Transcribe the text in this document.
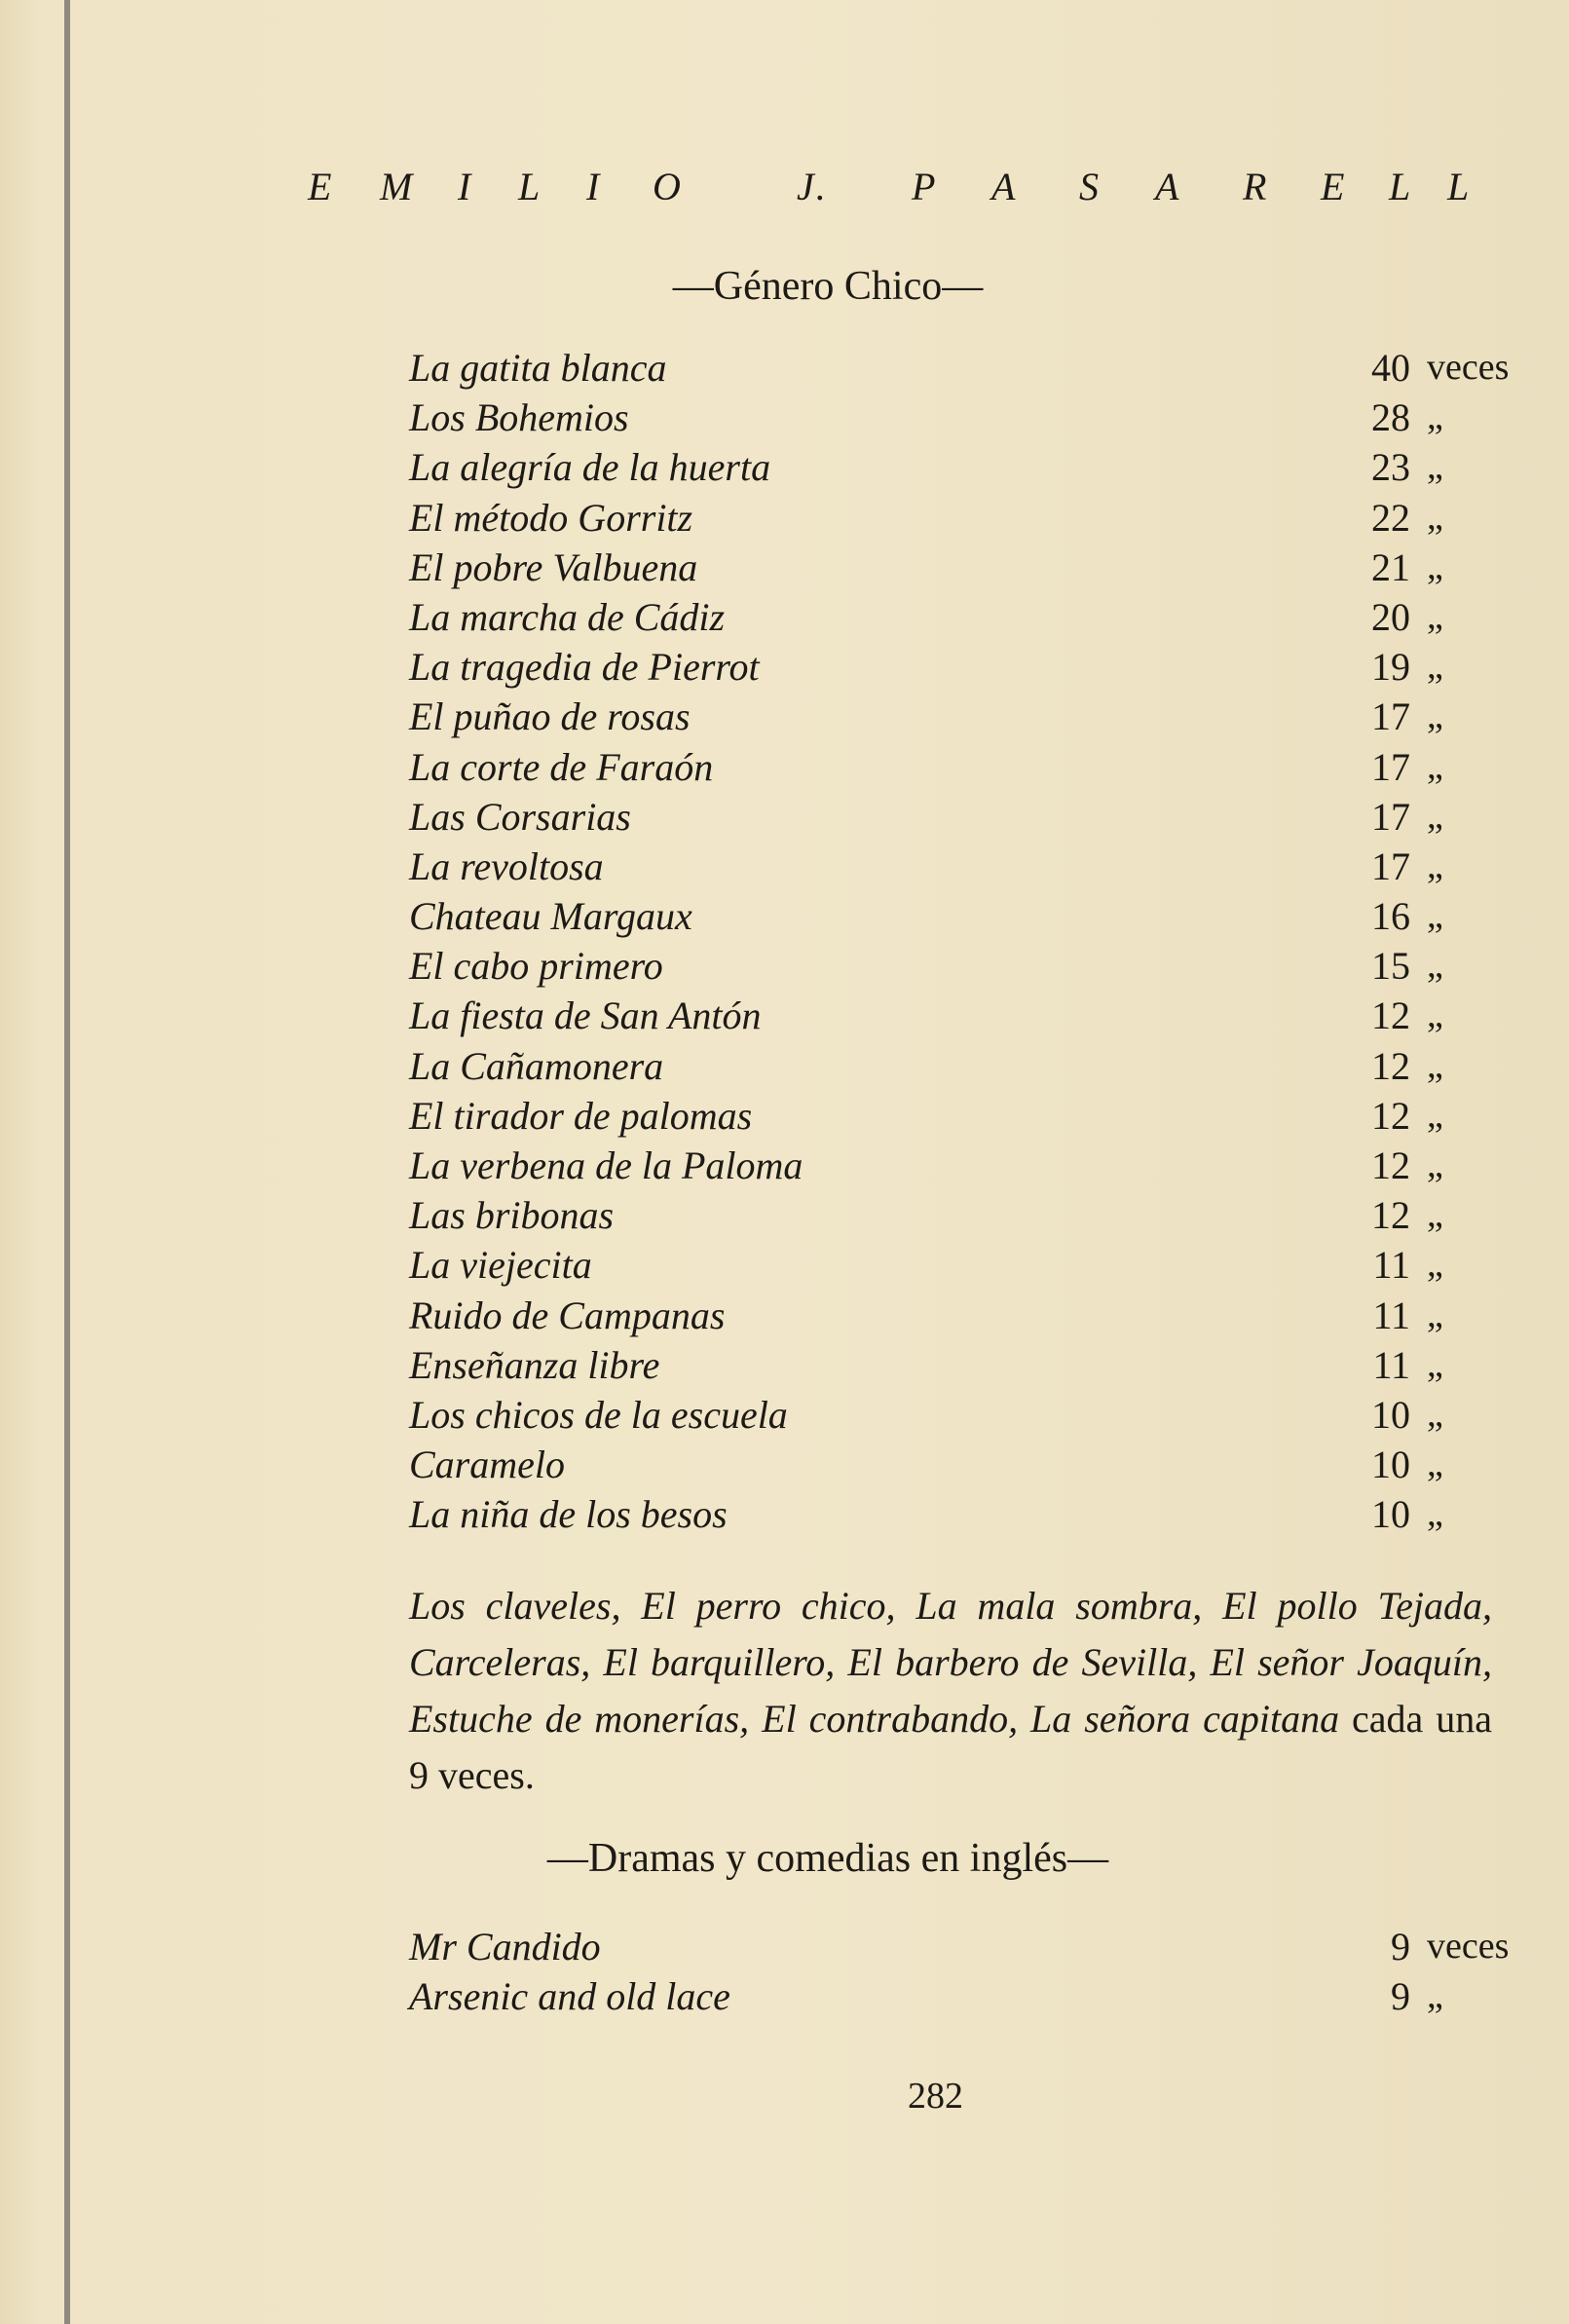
E M I L I O	J. P A S A R E L L
—Género Chico—
La gatita blanca	40 veces
Los Bohemios	28 „
La alegría de la huerta	23 „
El método Gorritz	22 „
El pobre Valbuena	21 „
La marcha de Cádiz	20 „
La tragedia de Pierrot	19 „
El puñao de rosas	17 „
La corte de Faraón	17 „
Las Corsarias	17 „
La revoltosa	17 „
Chateau Margaux	16 „
El cabo primero	15 „
La fiesta de San Antón	12 „
La Cañamonera	12 „
El tirador de palomas	12 „
La verbena de la Paloma	12 „
Las bribonas	12 „
La viejecita	11 „
Ruido de Campanas	11 „
Enseñanza libre	11 „
Los chicos de la escuela	10 „
Caramelo	10 „
La niña de los besos	10 „
Los claveles, El perro chico, La mala sombra, El pollo Tejada, Carceleras, El barquillero, El barbero de Sevilla, El señor Joaquín, Estuche de monerías, El contrabando, La señora capitana cada una 9 veces.
—Dramas y comedias en inglés—
Mr Candido	9 veces
Arsenic and old lace	9 „
282
